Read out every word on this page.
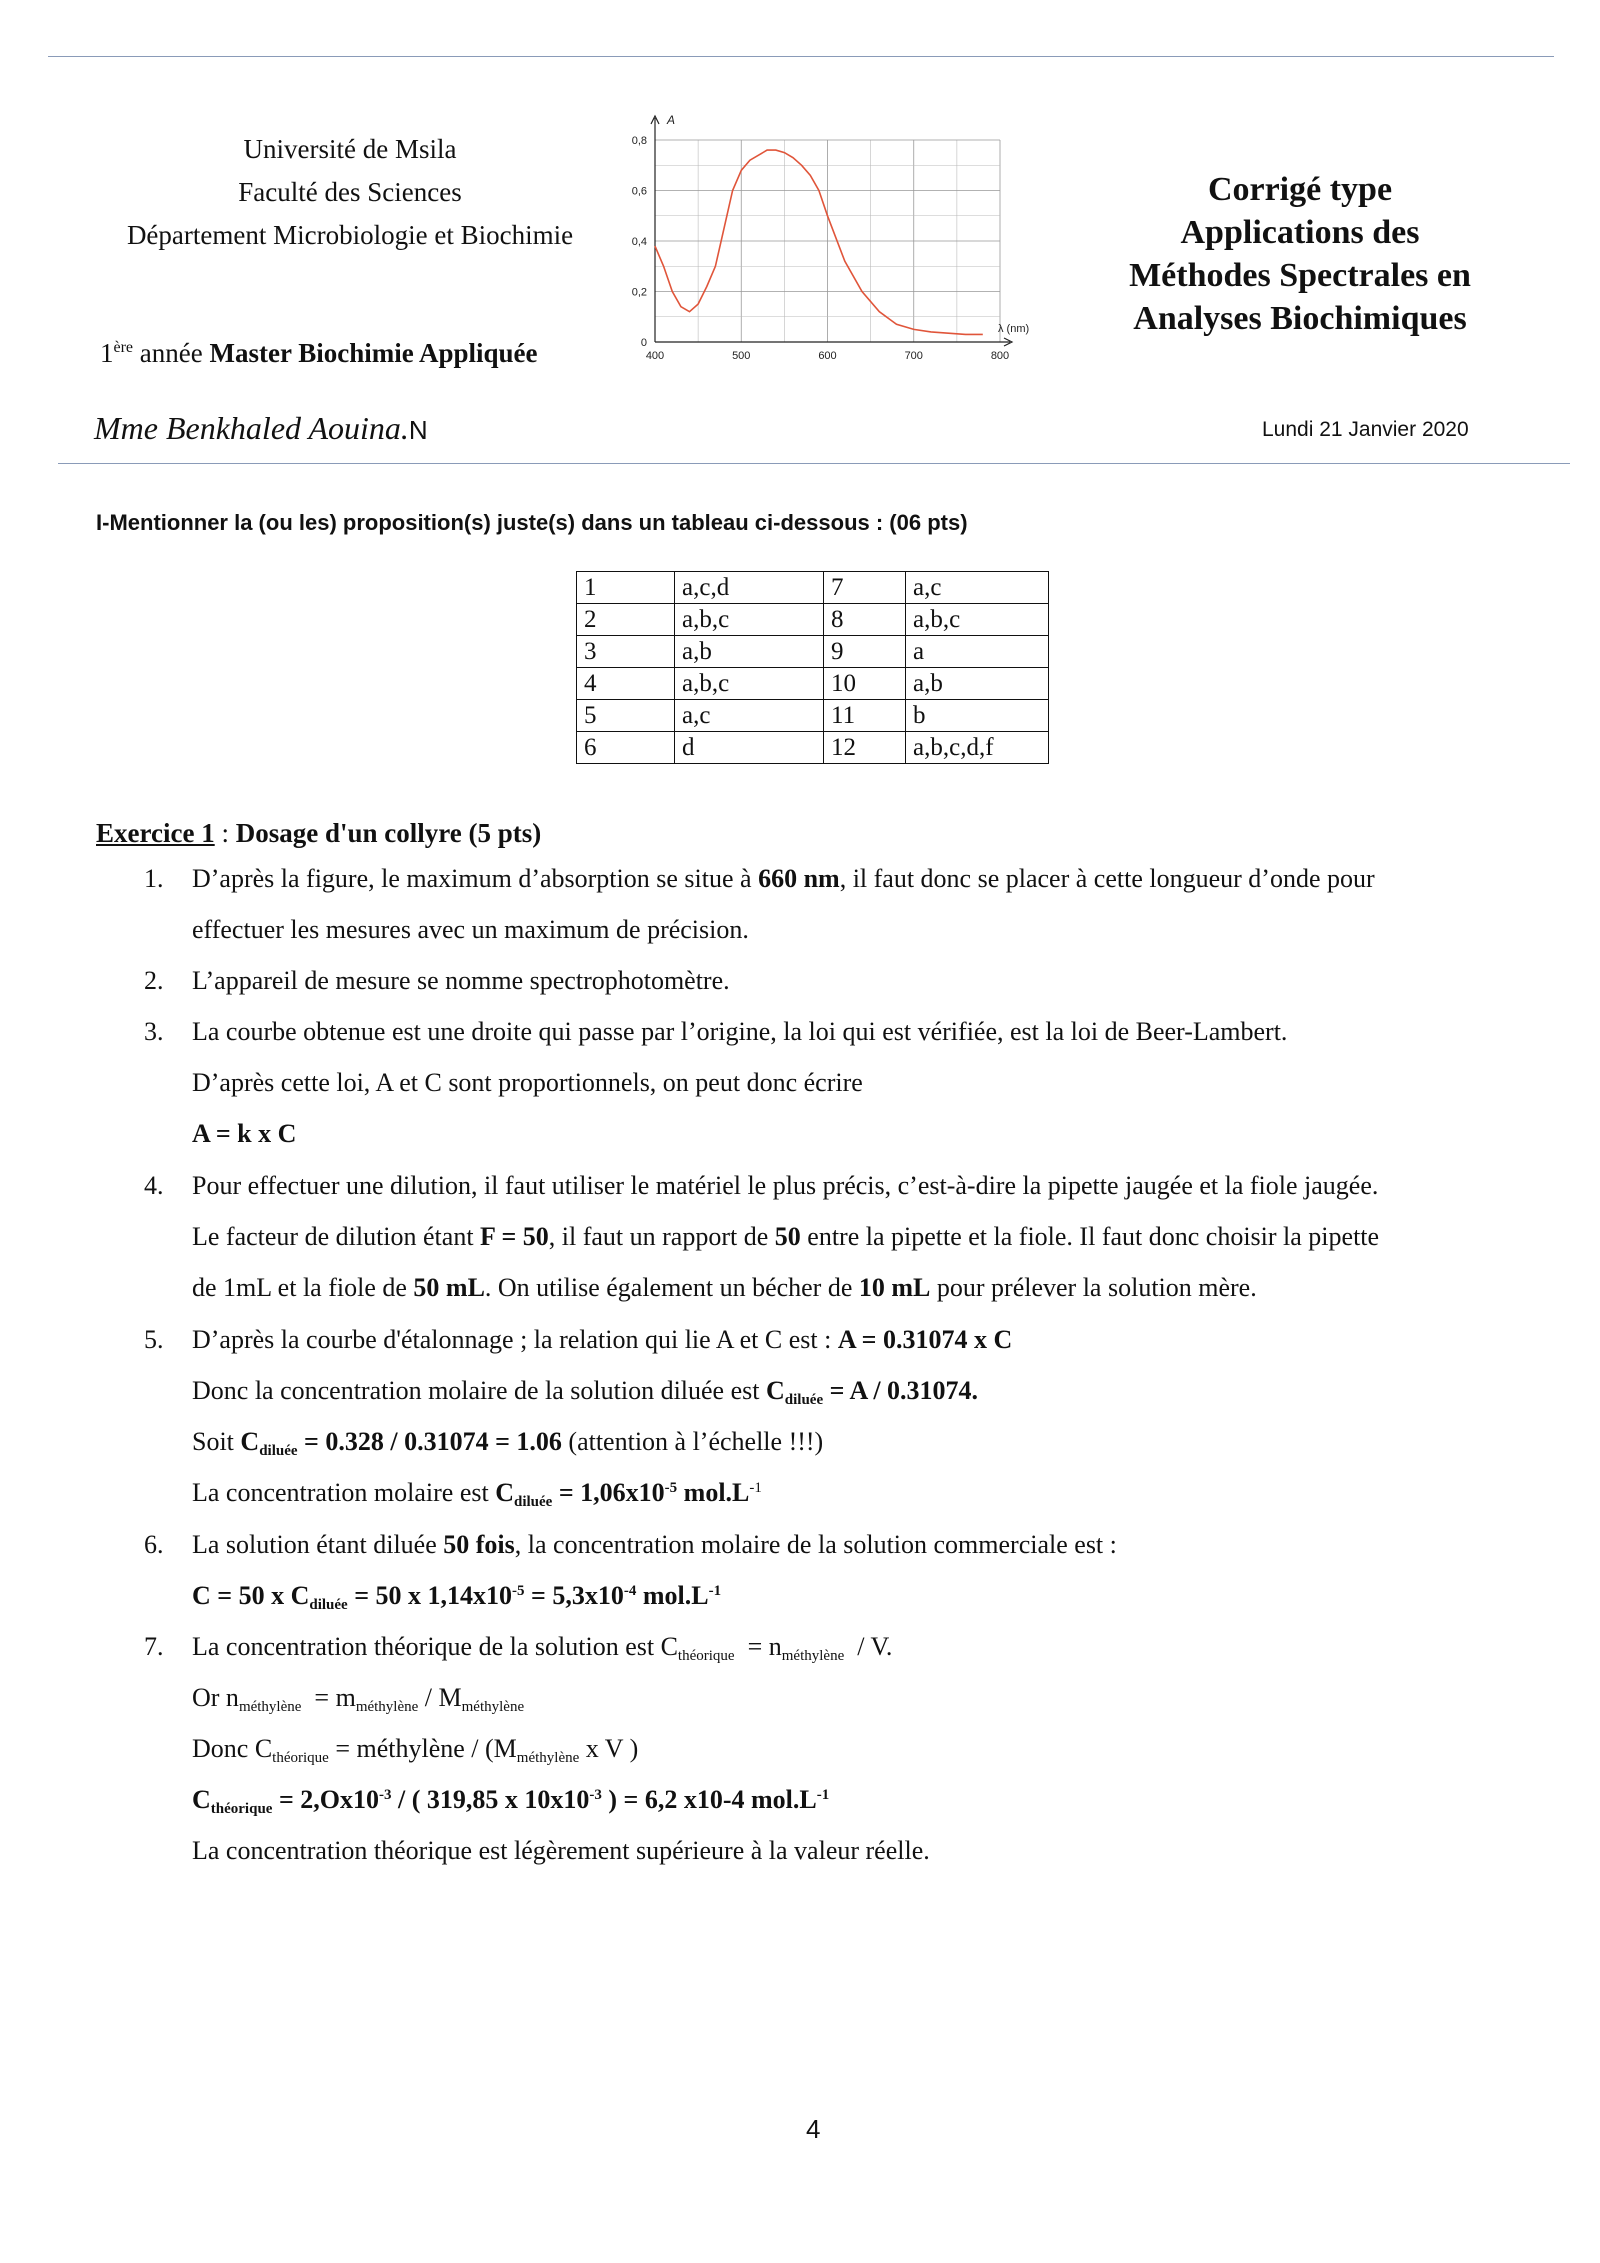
Université de Msila
Faculté des Sciences
Département Microbiologie et Biochimie
1ère année Master Biochimie Appliquée	400	500	600	700	800
0
0,2
0,4
0,6
0,8
A
λ (nm)
Corrigé type
Applications des
Méthodes Spectrales en
Analyses Biochimiques
Mme Benkhaled Aouina.N	Lundi 21 Janvier 2020
I-Mentionner la (ou les) proposition(s) juste(s) dans un tableau ci-dessous : (06 pts)
1	a,c,d	7	a,c
2	a,b,c	8	a,b,c
3	a,b	9	a
4	a,b,c	10	a,b
5	a,c	11	b
6	d	12	a,b,c,d,f
Exercice 1 : Dosage d'un collyre (5 pts)
1.
2.
3.
4.
5.
6.
7.
D’après la figure, le maximum d’absorption se situe à 660 nm, il faut donc se placer à cette longueur d’onde pour
effectuer les mesures avec un maximum de précision.
L’appareil de mesure se nomme spectrophotomètre.
La courbe obtenue est une droite qui passe par l’origine, la loi qui est vérifiée, est la loi de Beer-Lambert.
D’après cette loi, A et C sont proportionnels, on peut donc écrire
A = k x C
Pour effectuer une dilution, il faut utiliser le matériel le plus précis, c’est-à-dire la pipette jaugée et la fiole jaugée.
Le facteur de dilution étant F = 50, il faut un rapport de 50 entre la pipette et la fiole. Il faut donc choisir la pipette
de 1mL et la fiole de 50 mL. On utilise également un bécher de 10 mL pour prélever la solution mère.
D’après la courbe d'étalonnage ; la relation qui lie A et C est : A = 0.31074 x C
Donc la concentration molaire de la solution diluée est $C_{diluée} = A / 0.31074$.
Soit $C_{diluée} = 0.328 / 0.31074 = 1.06$ (attention à l’échelle !!!)
La concentration molaire est $C_{diluée} = 1,06x10^{-5}$ $mol.L^{-1}$
La solution étant diluée 50 fois, la concentration molaire de la solution commerciale est :
C = 50 x $C_{diluée} = 50$ x $1,14x10^{-5} = 5,3x10^{-4}$ $mol.L^{-1}$
La concentration théorique de la solution est $C_{théorique} = n_{méthylène} / V$.
Or $n_{méthylène} = m_{méthylène} / M_{méthylène}$
Donc $C_{théorique}$ = méthylène / ($M_{méthylène}$ x V )
$C_{théorique} = 2,Ox10^{-3}$ / ( 319,85 x $10x10^{-3}$ ) = 6,2 x10-4 $mol.L^{-1}$
La concentration théorique est légèrement supérieure à la valeur réelle.
4
